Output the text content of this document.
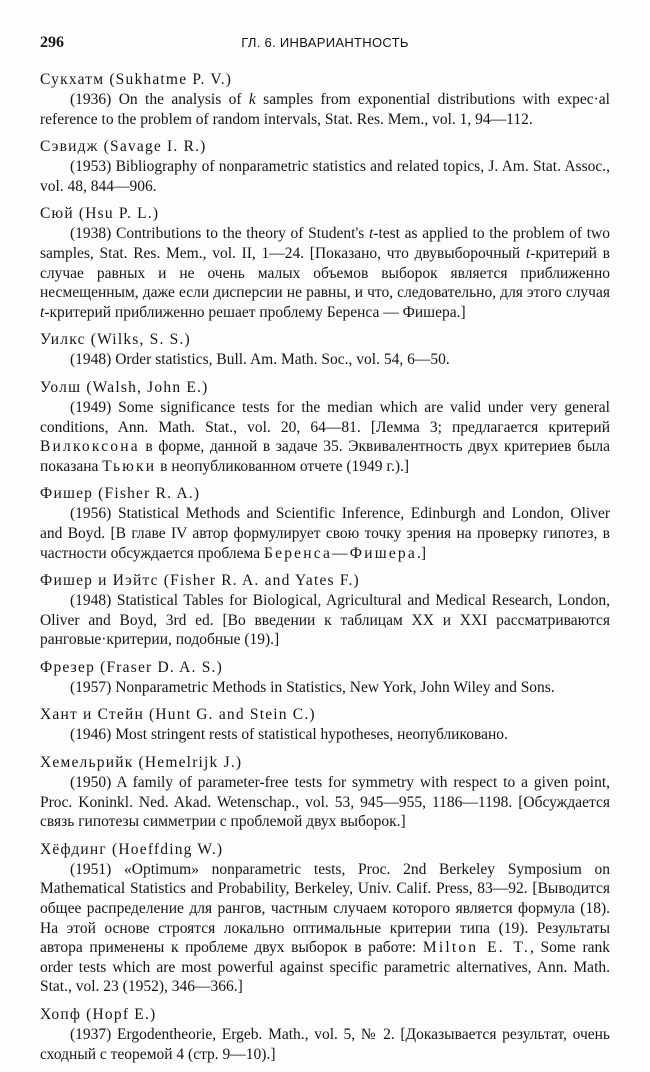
296	ГЛ. 6. ИНВАРИАНТНОСТЬ
Сукхатм (Sukhatme P. V.)
(1936) On the analysis of k samples from exponential distributions with expec·al reference to the problem of random intervals, Stat. Res. Mem., vol. 1, 94—112.
Сэвидж (Savage I. R.)
(1953) Bibliography of nonparametric statistics and related topics, J. Am. Stat. Assoc., vol. 48, 844—906.
Сюй (Hsu P. L.)
(1938) Contributions to the theory of Student's t-test as applied to the problem of two samples, Stat. Res. Mem., vol. II, 1—24. [Показано, что двувыборочный t-критерий в случае равных и не очень малых объемов выборок является приближенно несмещенным, даже если дисперсии не равны, и что, следовательно, для этого случая t-критерий приближенно решает проблему Беренса — Фишера.]
Уилкс (Wilks, S. S.)
(1948) Order statistics, Bull. Am. Math. Soc., vol. 54, 6—50.
Уолш (Walsh, John E.)
(1949) Some significance tests for the median which are valid under very general conditions, Ann. Math. Stat., vol. 20, 64—81. [Лемма 3; предлагается критерий Вилкоксона в форме, данной в задаче 35. Эквивалентность двух критериев была показана Тьюки в неопубликованном отчете (1949 г.).]
Фишер (Fisher R. A.)
(1956) Statistical Methods and Scientific Inference, Edinburgh and London, Oliver and Boyd. [В главе IV автор формулирует свою точку зрения на проверку гипотез, в частности обсуждается проблема Беренса—Фишера.]
Фишер и Иэйтс (Fisher R. A. and Yates F.)
(1948) Statistical Tables for Biological, Agricultural and Medical Research, London, Oliver and Boyd, 3rd ed. [Во введении к таблицам XX и XXI рассматриваются ранговые·критерии, подобные (19).]
Фрезер (Fraser D. A. S.)
(1957) Nonparametric Methods in Statistics, New York, John Wiley and Sons.
Хант и Стейн (Hunt G. and Stein C.)
(1946) Most stringent rests of statistical hypotheses, неопубликовано.
Хемельрийк (Hemelrijk J.)
(1950) A family of parameter-free tests for symmetry with respect to a given point, Proc. Koninkl. Ned. Akad. Wetenschap., vol. 53, 945—955, 1186—1198. [Обсуждается связь гипотезы симметрии с проблемой двух выборок.]
Хёфдинг (Hoeffding W.)
(1951) «Optimum» nonparametric tests, Proc. 2nd Berkeley Symposium on Mathematical Statistics and Probability, Berkeley, Univ. Calif. Press, 83—92. [Выводится общее распределение для рангов, частным случаем которого является формула (18). На этой основе строятся локально оптимальные критерии типа (19). Результаты автора применены к проблеме двух выборок в работе: Milton E. T., Some rank order tests which are most powerful against specific parametric alternatives, Ann. Math. Stat., vol. 23 (1952), 346—366.]
Хопф (Hopf E.)
(1937) Ergodentheorie, Ergeb. Math., vol. 5, № 2. [Доказывается результат, очень сходный с теоремой 4 (стр. 9—10).]
